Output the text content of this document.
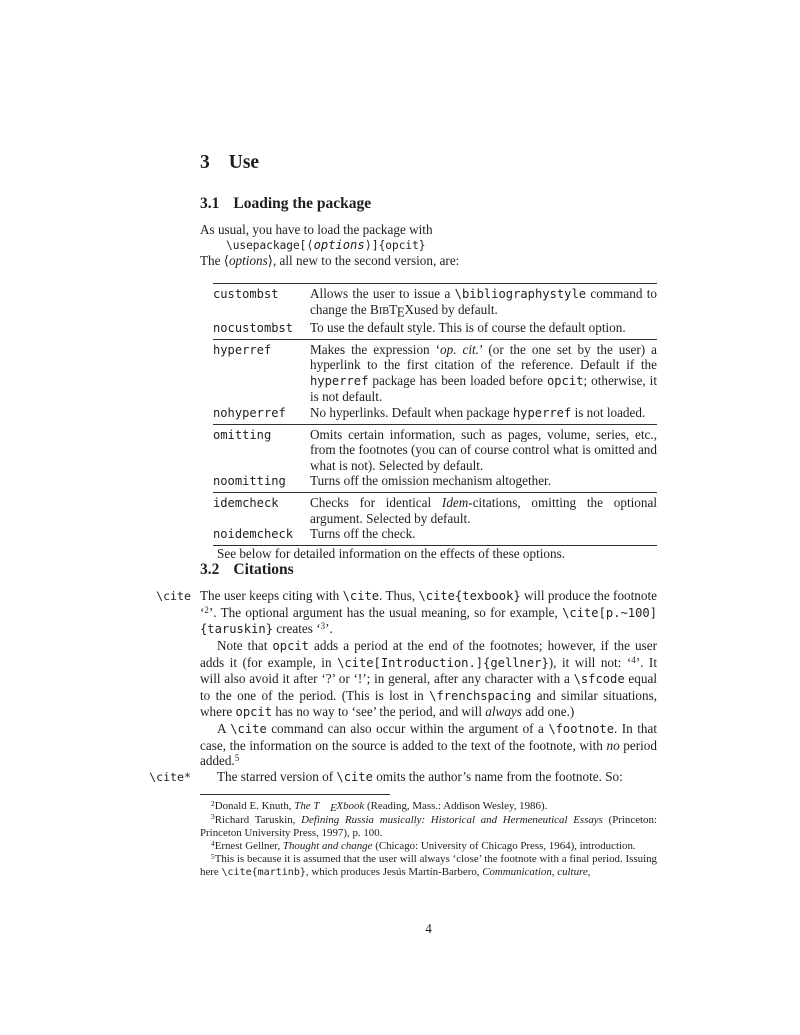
3 Use
3.1 Loading the package

As usual, you have to load the package with

\usepackage[⟨options⟩]{opcit}

The ⟨options⟩, all new to the second version, are:

custombst	Allows the user to issue a \bibliographystyle command to change the BIBTEXused by default.
nocustombst	To use the default style. This is of course the default option.
hyperref	Makes the expression ‘op. cit.’ (or the one set by the user) a hyperlink to the first citation of the reference. Default if the hyperref package has been loaded before opcit; otherwise, it is not default.
nohyperref	No hyperlinks. Default when package hyperref is not loaded.
omitting	Omits certain information, such as pages, volume, series, etc., from the footnotes (you can of course control what is omitted and what is not). Selected by default.
noomitting	Turns off the omission mechanism altogether.
idemcheck	Checks for identical Idem-citations, omitting the optional argument. Selected by default.
noidemcheck	Turns off the check.

See below for detailed information on the effects of these options.

3.2 Citations
\cite The user keeps citing with \cite. Thus, \cite{texbook} will produce the footnote ‘$^2$’. The optional argument has the usual meaning, so for example, \cite[p.~100]{taruskin} creates ‘$^3$’.

Note that opcit adds a period at the end of the footnotes; however, if the user adds it (for example, in \cite[Introduction.]{gellner}), it will not: ‘$^4$’. It will also avoid it after ‘?’ or ‘!’; in general, after any character with a \sfcode equal to the one of the period. (This is lost in \frenchspacing and similar situations, where opcit has no way to ‘see’ the period, and will always add one.)

A \cite command can also occur within the argument of a \footnote. In that case, the information on the source is added to the text of the footnote, with no period added.$^5$

\cite*	The starred version of \cite omits the author’s name from the footnote. So:

$^2$Donald E. Knuth, The T EXbook (Reading, Mass.: Addison Wesley, 1986).

$^3$Richard Taruskin, Defining Russia musically: Historical and Hermeneutical Essays (Princeton: Princeton University Press, 1997), p. 100.

$^4$Ernest Gellner, Thought and change (Chicago: University of Chicago Press, 1964), introduction.

$^5$This is because it is assumed that the user will always ‘close’ the footnote with a final period. Issuing here \cite{martinb}, which produces Jesús Martín-Barbero, Communication, culture,

4
